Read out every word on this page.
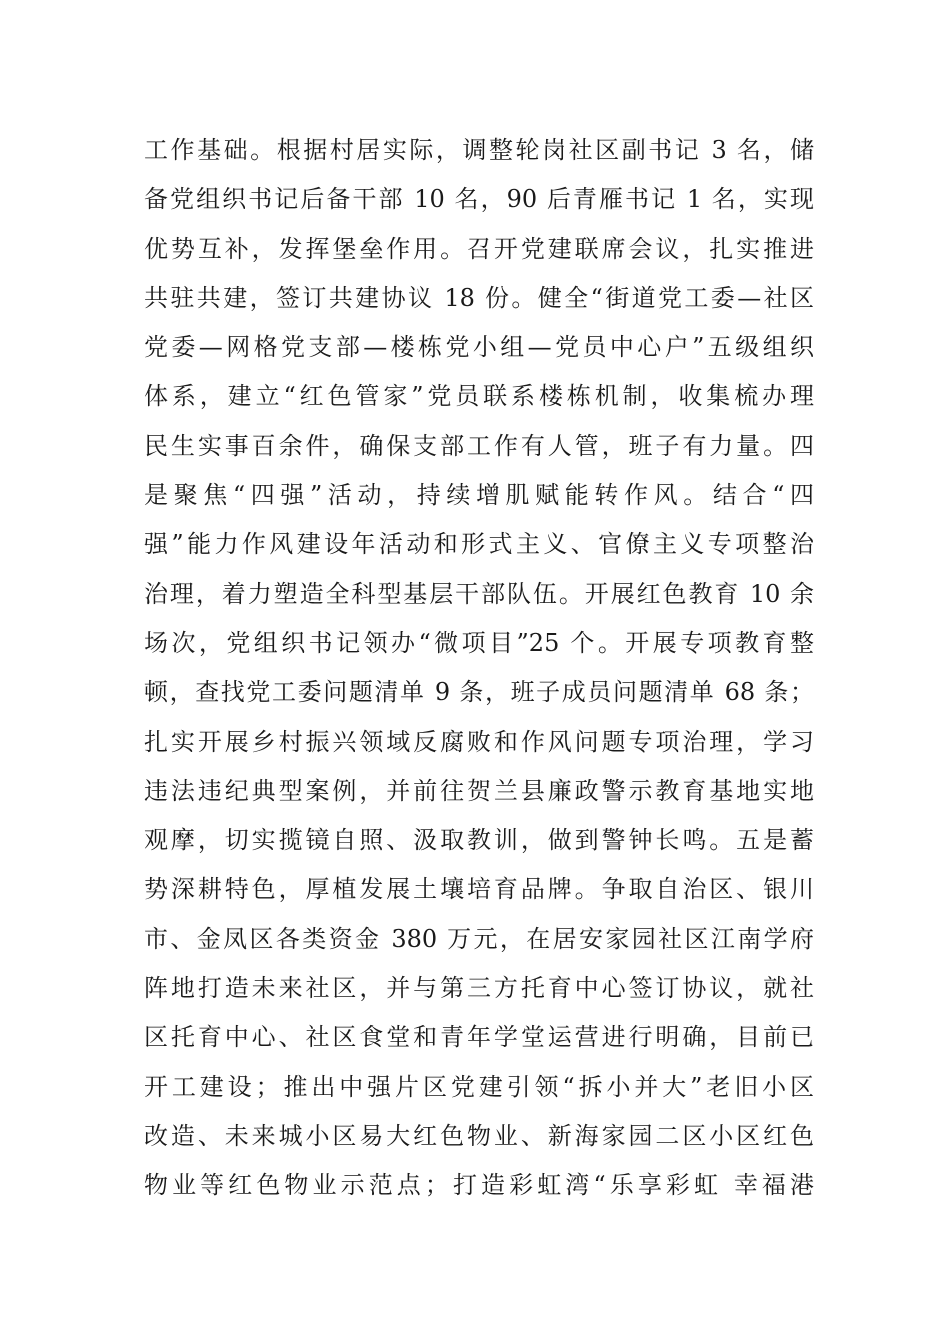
工作基础。根据村居实际，调整轮岗社区副书记 3 名，储
备党组织书记后备干部 10 名，90 后青雁书记 1 名，实现
优势互补，发挥堡垒作用。召开党建联席会议，扎实推进
共驻共建，签订共建协议 18 份。健全“街道党工委—社区
党委—网格党支部—楼栋党小组—党员中心户”五级组织
体系，建立“红色管家”党员联系楼栋机制，收集梳办理
民生实事百余件，确保支部工作有人管，班子有力量。四
是聚焦“四强”活动，持续增肌赋能转作风。结合“四
强”能力作风建设年活动和形式主义、官僚主义专项整治
治理，着力塑造全科型基层干部队伍。开展红色教育 10 余
场次，党组织书记领办“微项目”25 个。开展专项教育整
顿，查找党工委问题清单 9 条，班子成员问题清单 68 条；
扎实开展乡村振兴领域反腐败和作风问题专项治理，学习
违法违纪典型案例，并前往贺兰县廉政警示教育基地实地
观摩，切实揽镜自照、汲取教训，做到警钟长鸣。五是蓄
势深耕特色，厚植发展土壤培育品牌。争取自治区、银川
市、金凤区各类资金 380 万元，在居安家园社区江南学府
阵地打造未来社区，并与第三方托育中心签订协议，就社
区托育中心、社区食堂和青年学堂运营进行明确，目前已
开工建设；推出中强片区党建引领“拆小并大”老旧小区
改造、未来城小区易大红色物业、新海家园二区小区红色
物业等红色物业示范点；打造彩虹湾“乐享彩虹 幸福港
